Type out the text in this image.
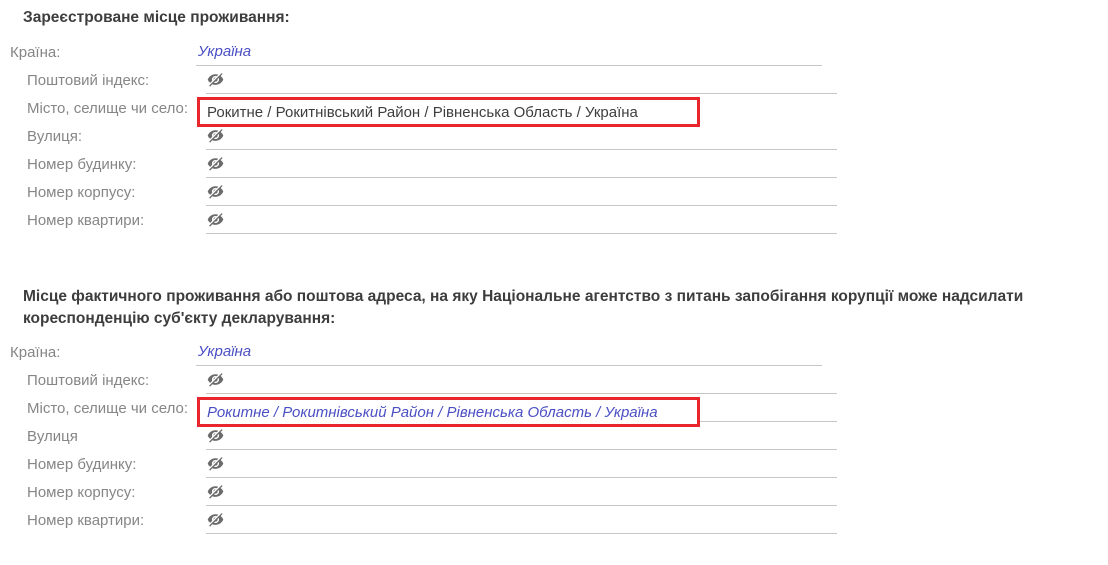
Зареєстроване місце проживання:
Країна:	Україна
Поштовий індекс:
Місто, селище чи село:	Рокитне / Рокитнівський Район / Рівненська Область / Україна
Вулиця:
Номер будинку:
Номер корпусу:
Номер квартири:
Місце фактичного проживання або поштова адреса, на яку Національне агентство з питань запобігання корупції може надсилати кореспонденцію суб'єкту декларування:
Країна:	Україна
Поштовий індекс:
Місто, селище чи село:	Рокитне / Рокитнівський Район / Рівненська Область / Україна
Вулиця
Номер будинку:
Номер корпусу:
Номер квартири:
